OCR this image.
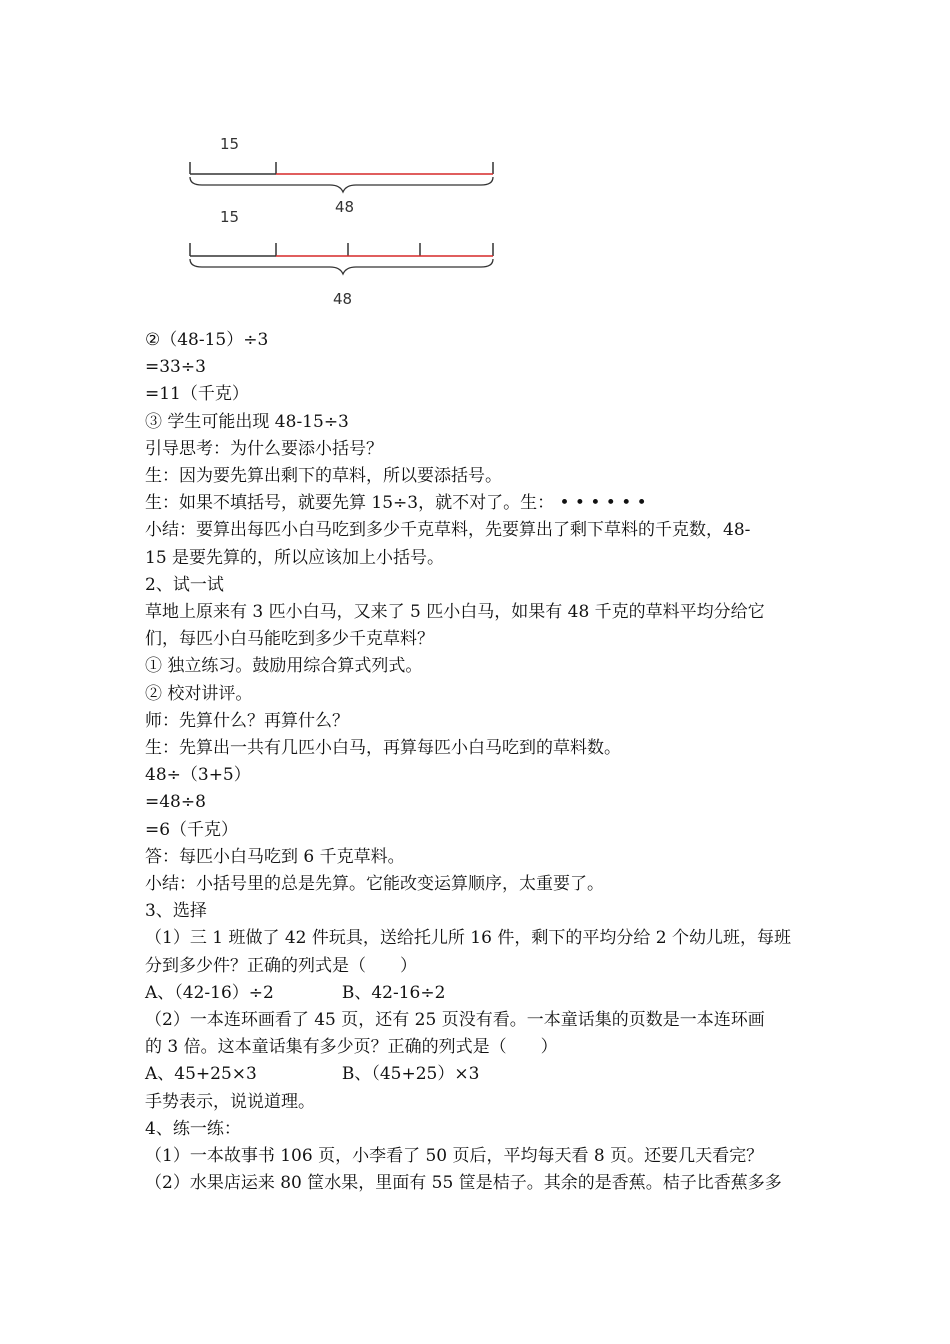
15
48
15
48

②（48-15）÷3

=33÷3

=11（千克）

③ 学生可能出现 48-15÷3

引导思考：为什么要添小括号？

生：因为要先算出剩下的草料，所以要添括号。

生：如果不填括号，就要先算 15÷3，就不对了。生： • • • • • •

小结：要算出每匹小白马吃到多少千克草料，先要算出了剩下草料的千克数，48-

15 是要先算的，所以应该加上小括号。

2、试一试

草地上原来有 3 匹小白马，又来了 5 匹小白马，如果有 48 千克的草料平均分给它

们，每匹小白马能吃到多少千克草料？

① 独立练习。鼓励用综合算式列式。

② 校对讲评。

师：先算什么？再算什么？

生：先算出一共有几匹小白马，再算每匹小白马吃到的草料数。

48÷（3+5）

=48÷8

=6（千克）

答：每匹小白马吃到 6 千克草料。

小结：小括号里的总是先算。它能改变运算顺序，太重要了。

3、选择

（1）三 1 班做了 42 件玩具，送给托儿所 16 件，剩下的平均分给 2 个幼儿班，每班

分到多少件？正确的列式是（　　）

A、（42-16）÷2　　　　B、42-16÷2

（2）一本连环画看了 45 页，还有 25 页没有看。一本童话集的页数是一本连环画

的 3 倍。这本童话集有多少页？正确的列式是（　　）

A、45+25×3　　　　　B、（45+25）×3

手势表示，说说道理。

4、练一练：

（1）一本故事书 106 页，小李看了 50 页后，平均每天看 8 页。还要几天看完？

（2）水果店运来 80 筐水果，里面有 55 筐是桔子。其余的是香蕉。桔子比香蕉多多
